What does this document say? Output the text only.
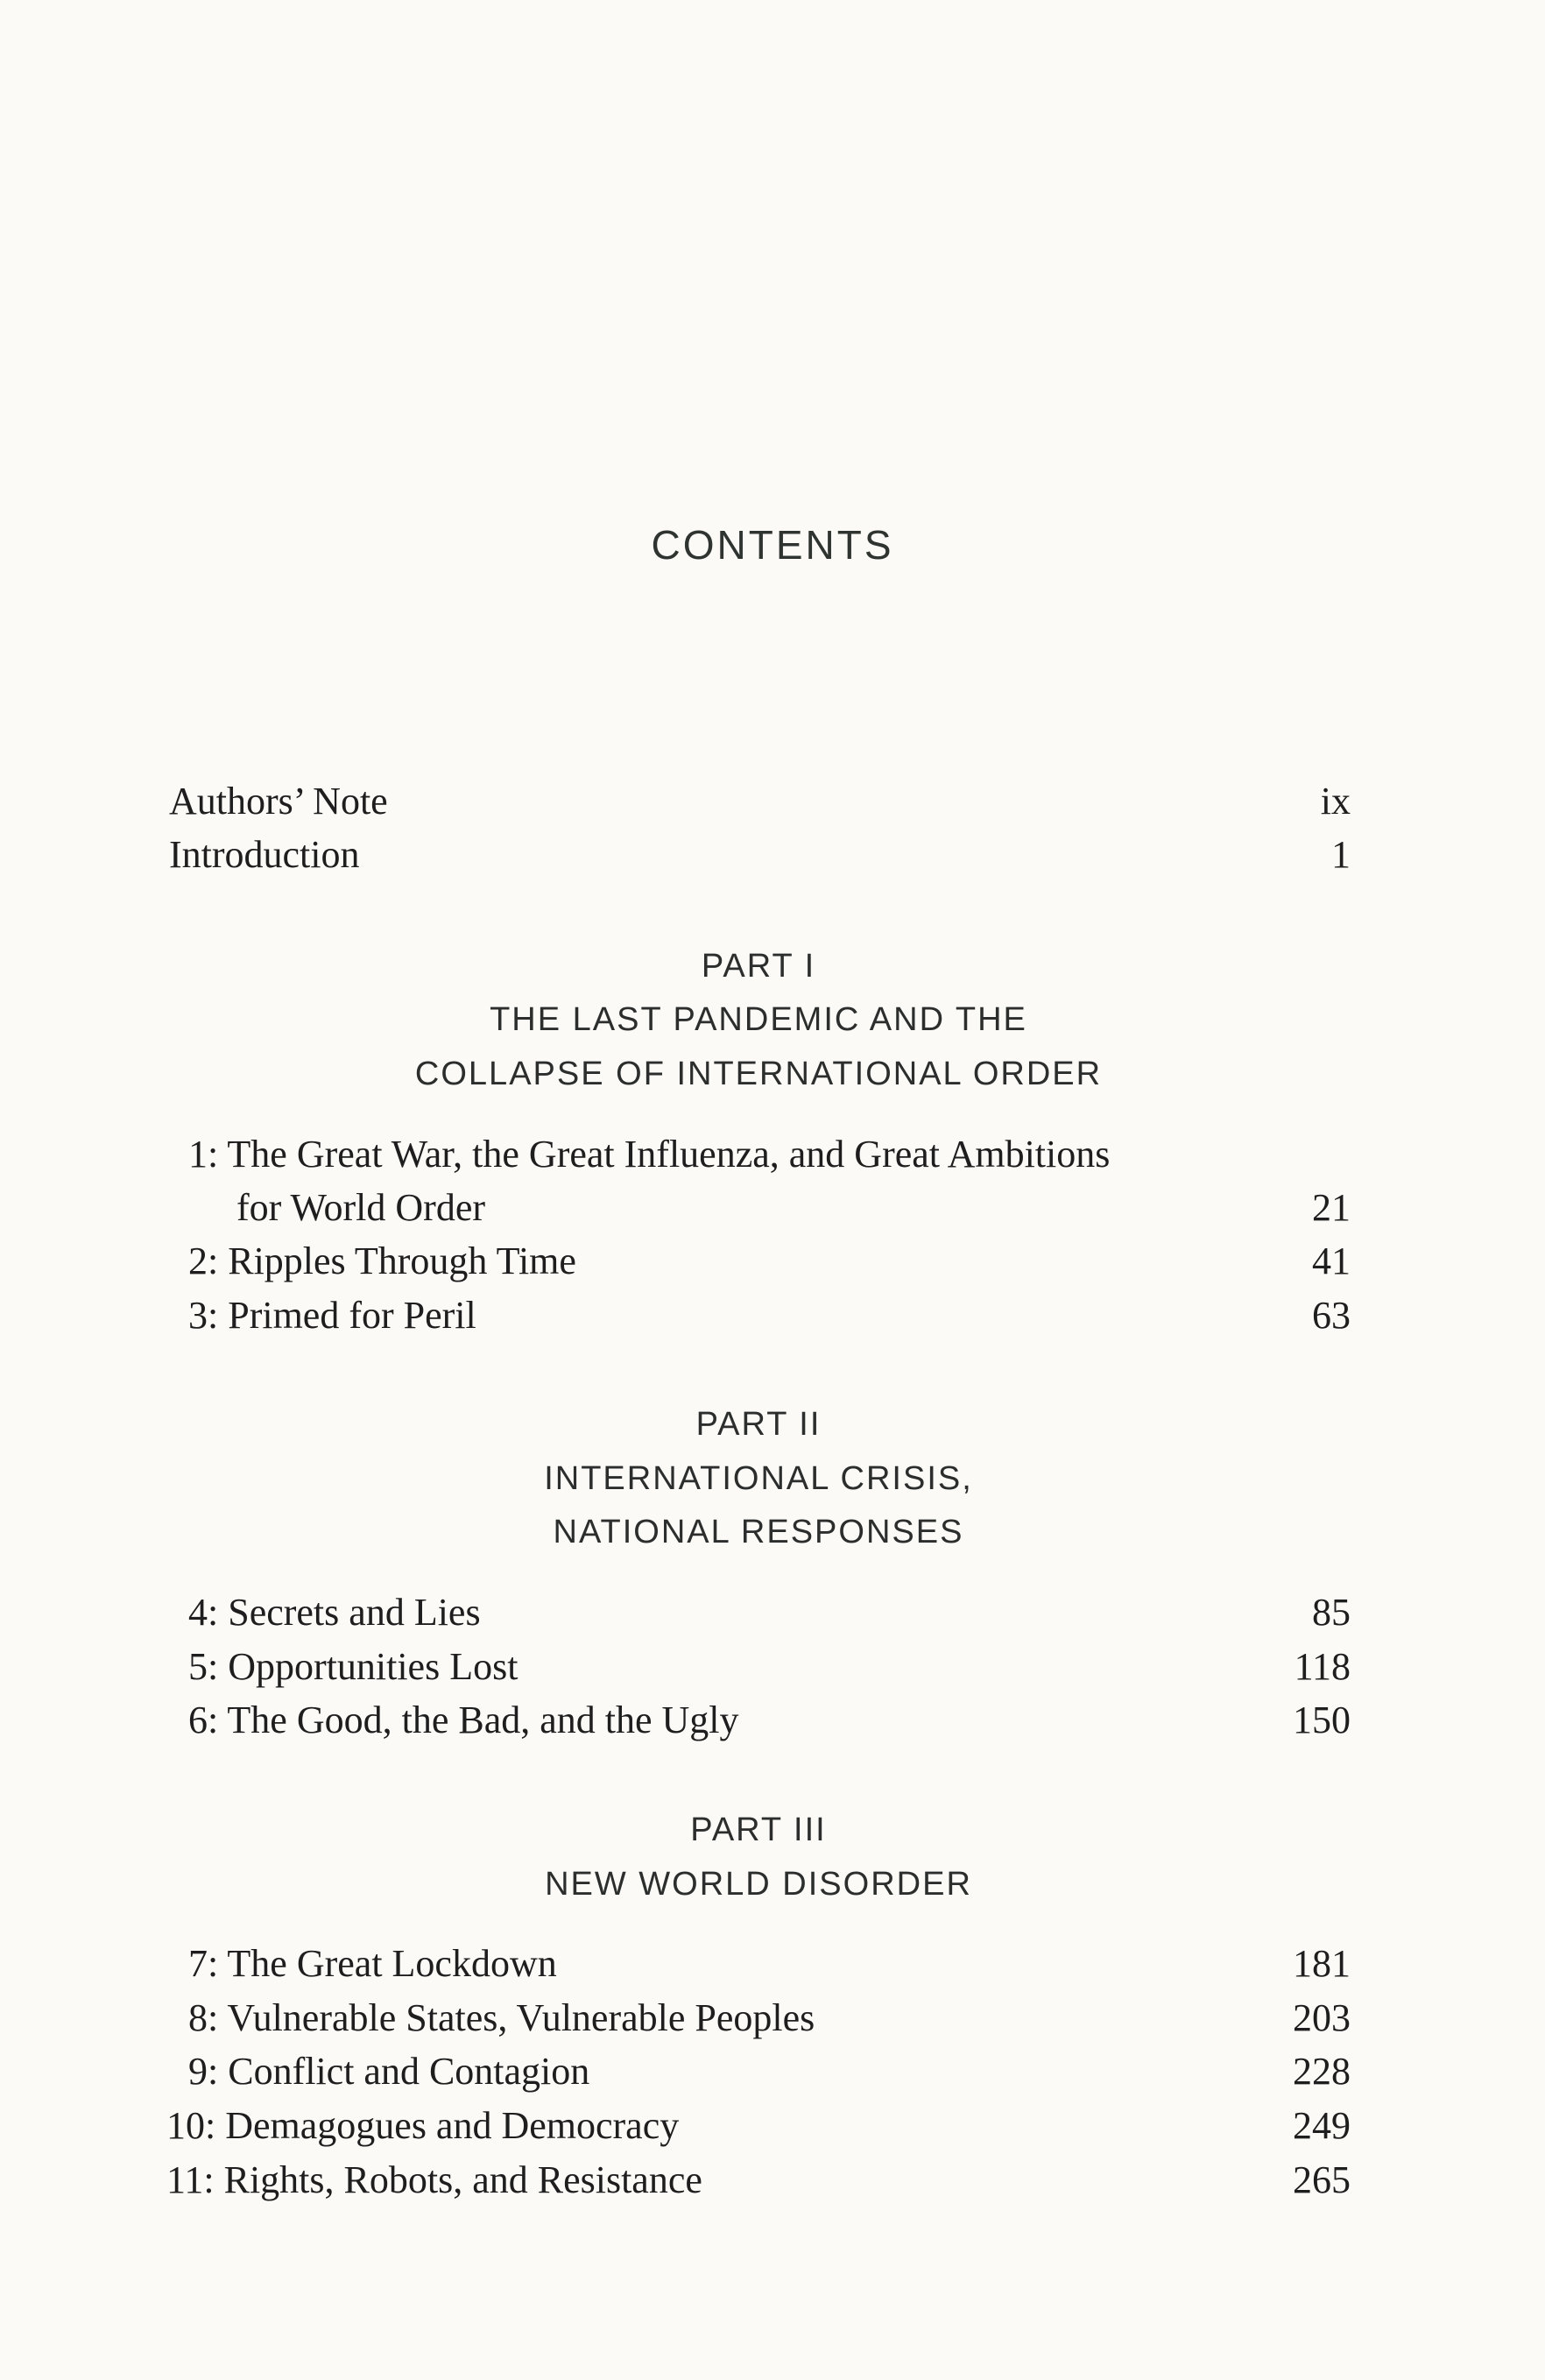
CONTENTS
Authors’ Note	ix
Introduction	1
PART I
THE LAST PANDEMIC AND THE
COLLAPSE OF INTERNATIONAL ORDER
1: The Great War, the Great Influenza, and Great Ambitions
for World Order	21
2: Ripples Through Time	41
3: Primed for Peril	63
PART II
INTERNATIONAL CRISIS,
NATIONAL RESPONSES
4: Secrets and Lies	85
5: Opportunities Lost	118
6: The Good, the Bad, and the Ugly	150
PART III
NEW WORLD DISORDER
7: The Great Lockdown	181
8: Vulnerable States, Vulnerable Peoples	203
9: Conflict and Contagion	228
10: Demagogues and Democracy	249
11: Rights, Robots, and Resistance	265
